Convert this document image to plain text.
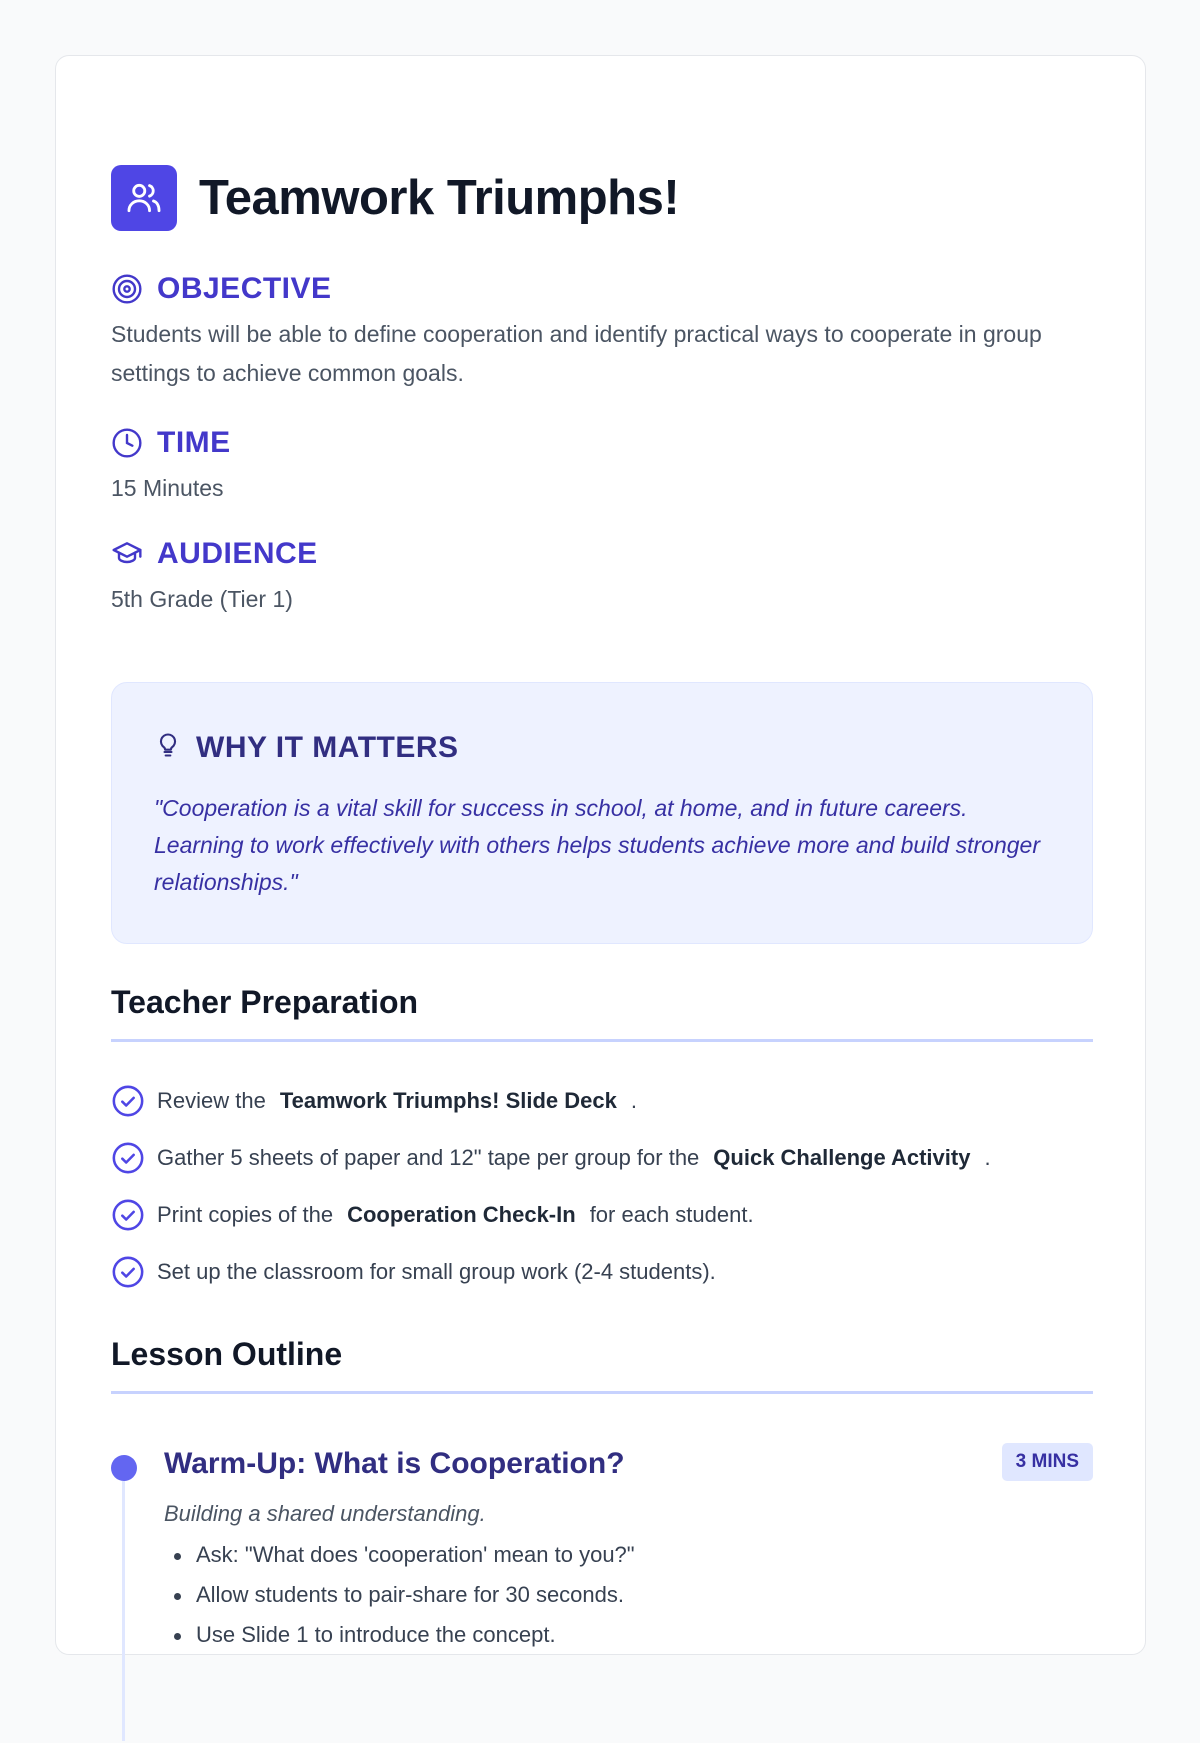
Teamwork Triumphs!
OBJECTIVE

Students will be able to define cooperation and identify practical ways to cooperate in group settings to achieve common goals.

TIME

15 Minutes

AUDIENCE

5th Grade (Tier 1)

WHY IT MATTERS

"Cooperation is a vital skill for success in school, at home, and in future careers. Learning to work effectively with others helps students achieve more and build stronger relationships."

Teacher Preparation
Review the Teamwork Triumphs! Slide Deck .
Gather 5 sheets of paper and 12" tape per group for the Quick Challenge Activity .
Print copies of the Cooperation Check-In for each student.
Set up the classroom for small group work (2-4 students).
Lesson Outline
Warm-Up: What is Cooperation?	3 MINS

Building a shared understanding.

Ask: "What does 'cooperation' mean to you?"
Allow students to pair-share for 30 seconds.
Use Slide 1 to introduce the concept.
